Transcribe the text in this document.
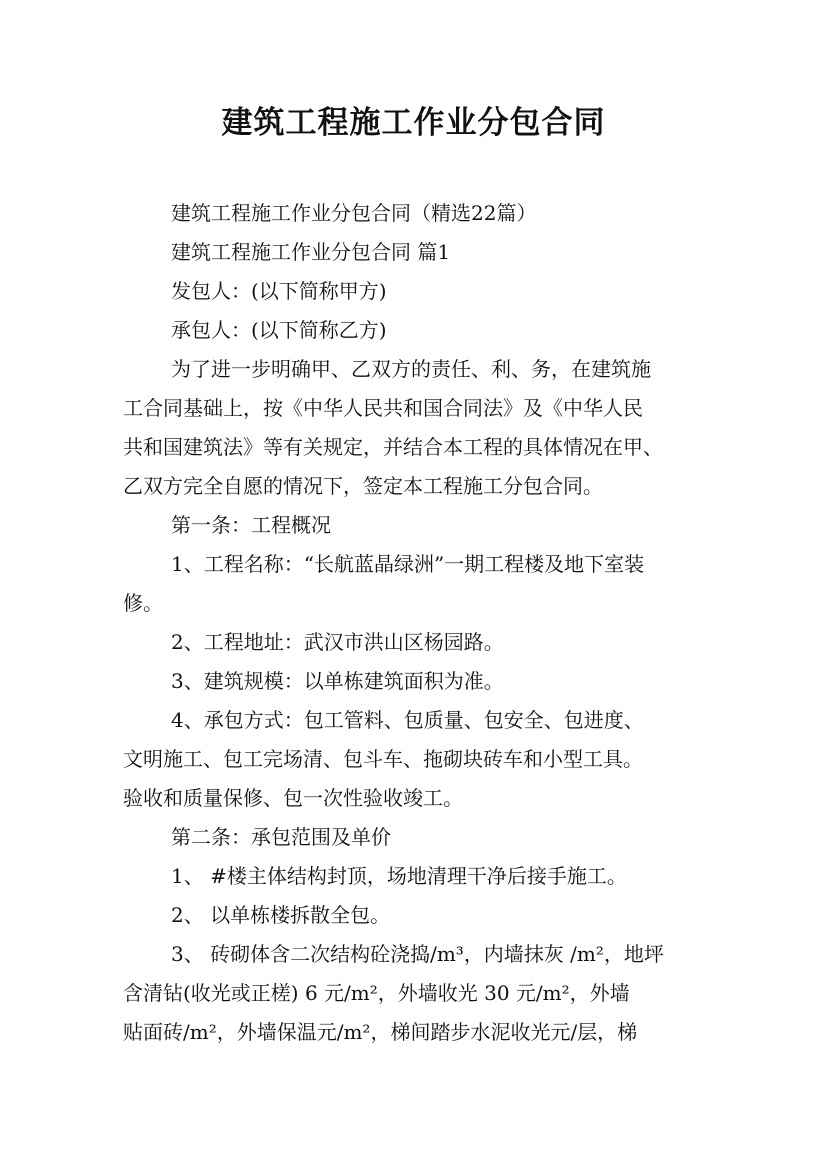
建筑工程施工作业分包合同

建筑工程施工作业分包合同（精选22篇）

建筑工程施工作业分包合同 篇1

发包人：(以下简称甲方)

承包人：(以下简称乙方)

为了进一步明确甲、乙双方的责任、利、务，在建筑施

工合同基础上，按《中华人民共和国合同法》及《中华人民

共和国建筑法》等有关规定，并结合本工程的具体情况在甲、

乙双方完全自愿的情况下，签定本工程施工分包合同。

第一条：工程概况

1、工程名称：“长航蓝晶绿洲”一期工程楼及地下室装

修。

2、工程地址：武汉市洪山区杨园路。

3、建筑规模：以单栋建筑面积为准。

4、承包方式：包工管料、包质量、包安全、包进度、

文明施工、包工完场清、包斗车、拖砌块砖车和小型工具。

验收和质量保修、包一次性验收竣工。

第二条：承包范围及单价

1、 #楼主体结构封顶，场地清理干净后接手施工。

2、 以单栋楼拆散全包。

3、 砖砌体含二次结构砼浇捣/m³，内墙抹灰 /m²，地坪

含清钻(收光或正槎) 6 元/m²，外墙收光 30 元/m²，外墙

贴面砖/m²，外墙保温元/m²，梯间踏步水泥收光元/层，梯
